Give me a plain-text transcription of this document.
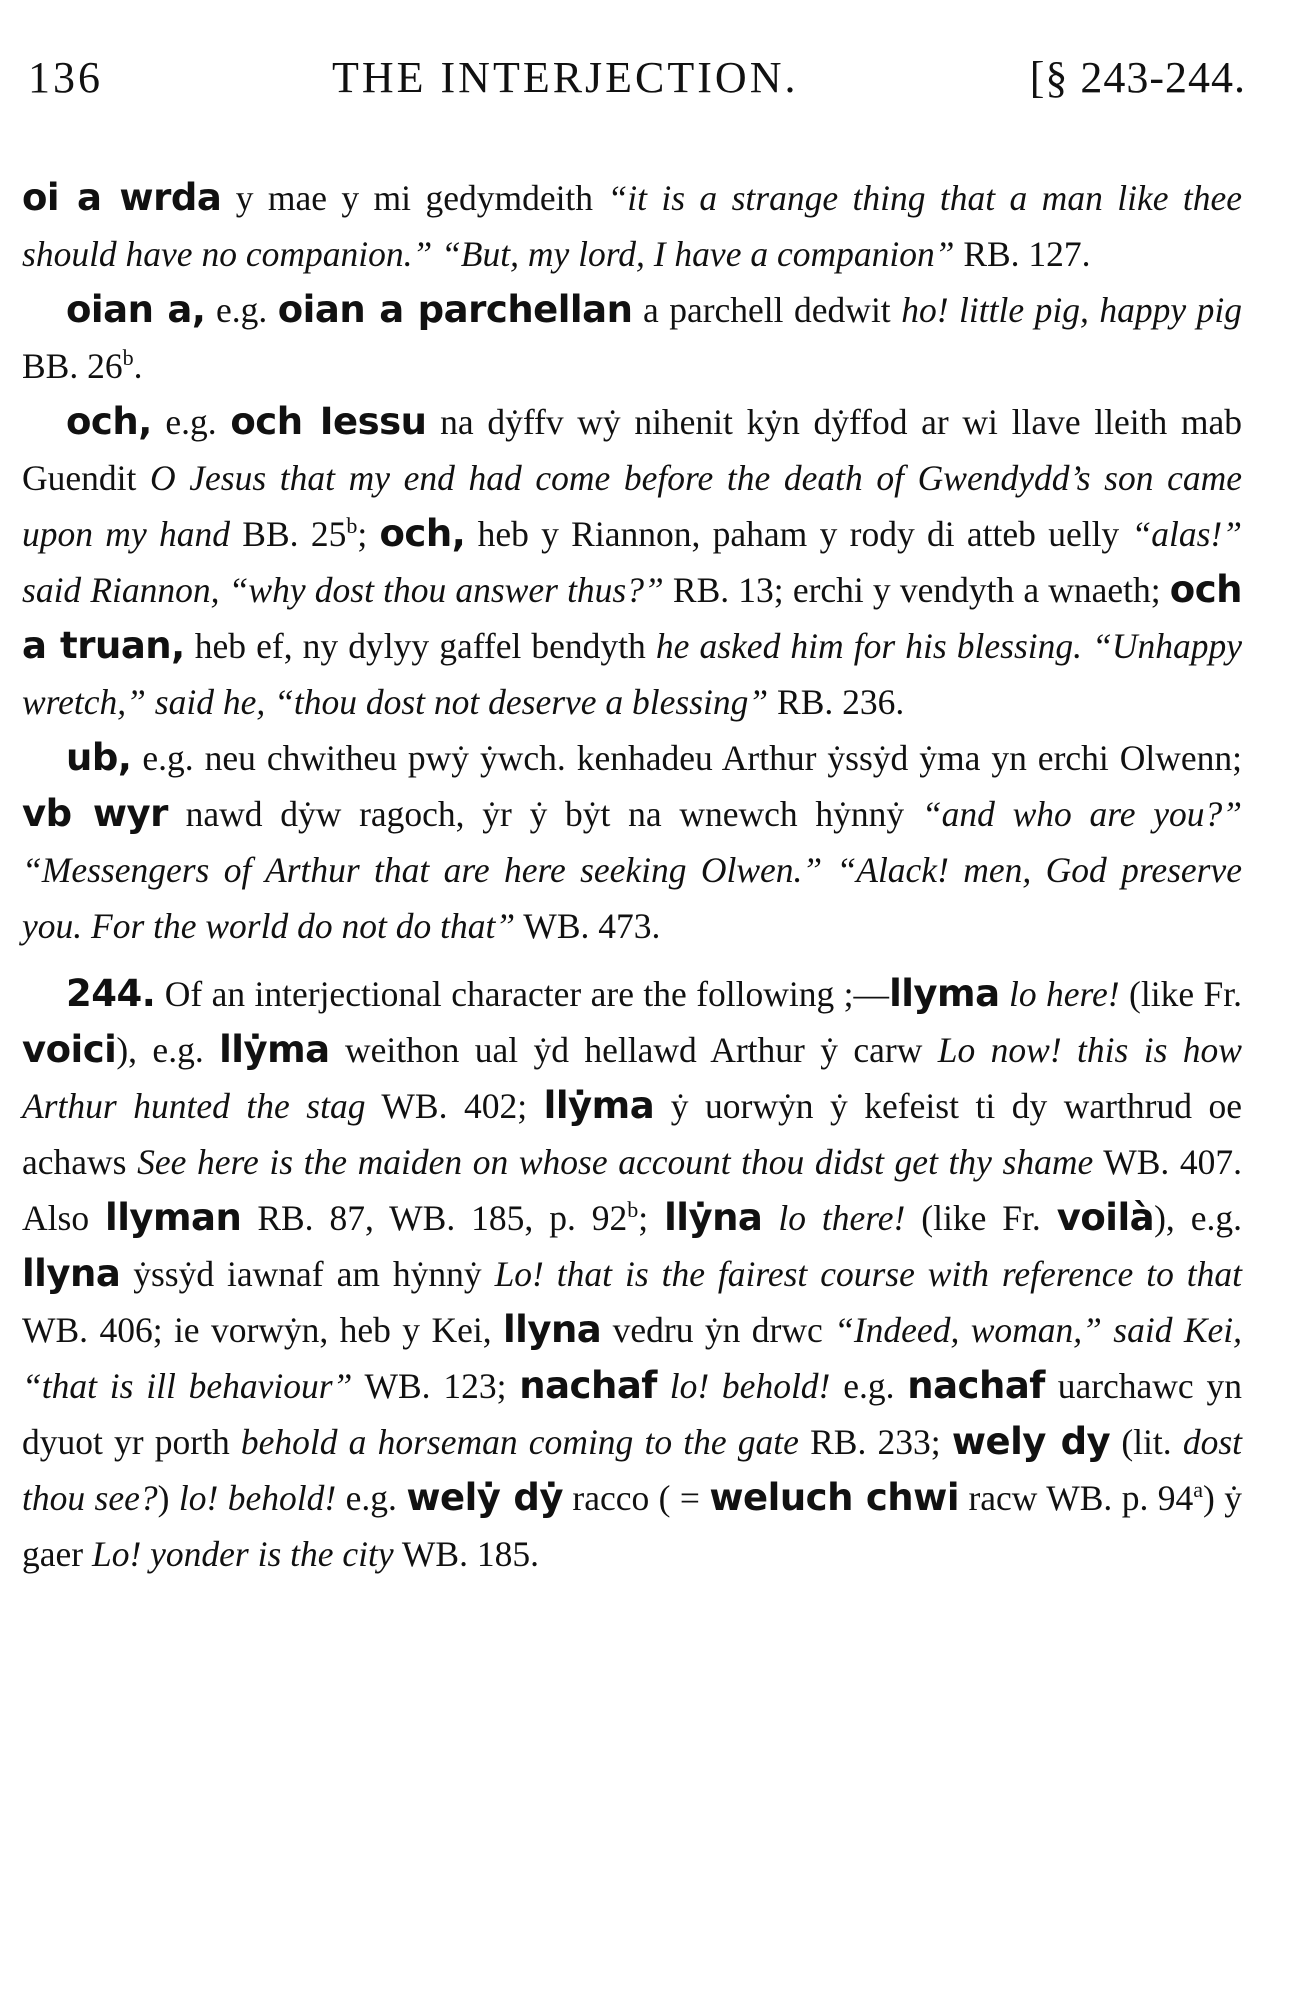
136	THE INTERJECTION.	[§ 243-244.

oi a wrda y mae y mi gedymdeith “it is a strange thing that a man like thee should have no companion.” “But, my lord, I have a companion” RB. 127.

oian a, e.g. oian a parchellan a parchell dedwit ho! little pig, happy pig BB. 26$^b$.

och, e.g. och Iessu na dẏffv wẏ nihenit kẏn dẏffod ar wi llave lleith mab Guendit O Jesus that my end had come before the death of Gwendydd’s son came upon my hand BB. 25$^b$; och, heb y Riannon, paham y rody di atteb uelly “alas!” said Riannon, “why dost thou answer thus?” RB. 13; erchi y vendyth a wnaeth; och a truan, heb ef, ny dylyy gaffel bendyth he asked him for his blessing. “Unhappy wretch,” said he, “thou dost not deserve a blessing” RB. 236.

ub, e.g. neu chwitheu pwẏ ẏwch. kenhadeu Arthur ẏssẏd ẏma yn erchi Olwenn; vb wyr nawd dẏw ragoch, ẏr ẏ bẏt na wnewch hẏnnẏ “and who are you?” “Messengers of Arthur that are here seeking Olwen.” “Alack! men, God preserve you. For the world do not do that” WB. 473.

244. Of an interjectional character are the following ;—llyma lo here! (like Fr. voici), e.g. llẏma weithon ual ẏd hellawd Arthur ẏ carw Lo now! this is how Arthur hunted the stag WB. 402; llẏma ẏ uorwẏn ẏ kefeist ti dy warthrud oe achaws See here is the maiden on whose account thou didst get thy shame WB. 407. Also llyman RB. 87, WB. 185, p. 92$^b$; llẏna lo there! (like Fr. voilà), e.g. llyna ẏssẏd iawnaf am hẏnnẏ Lo! that is the fairest course with reference to that WB. 406; ie vorwẏn, heb y Kei, llyna vedru ẏn drwc “Indeed, woman,” said Kei, “that is ill behaviour” WB. 123; nachaf lo! behold! e.g. nachaf uarchawc yn dyuot yr porth behold a horseman coming to the gate RB. 233; wely dy (lit. dost thou see?) lo! behold! e.g. welẏ dẏ racco ( = weluch chwi racw WB. p. 94$^a$) ẏ gaer Lo! yonder is the city WB. 185.
